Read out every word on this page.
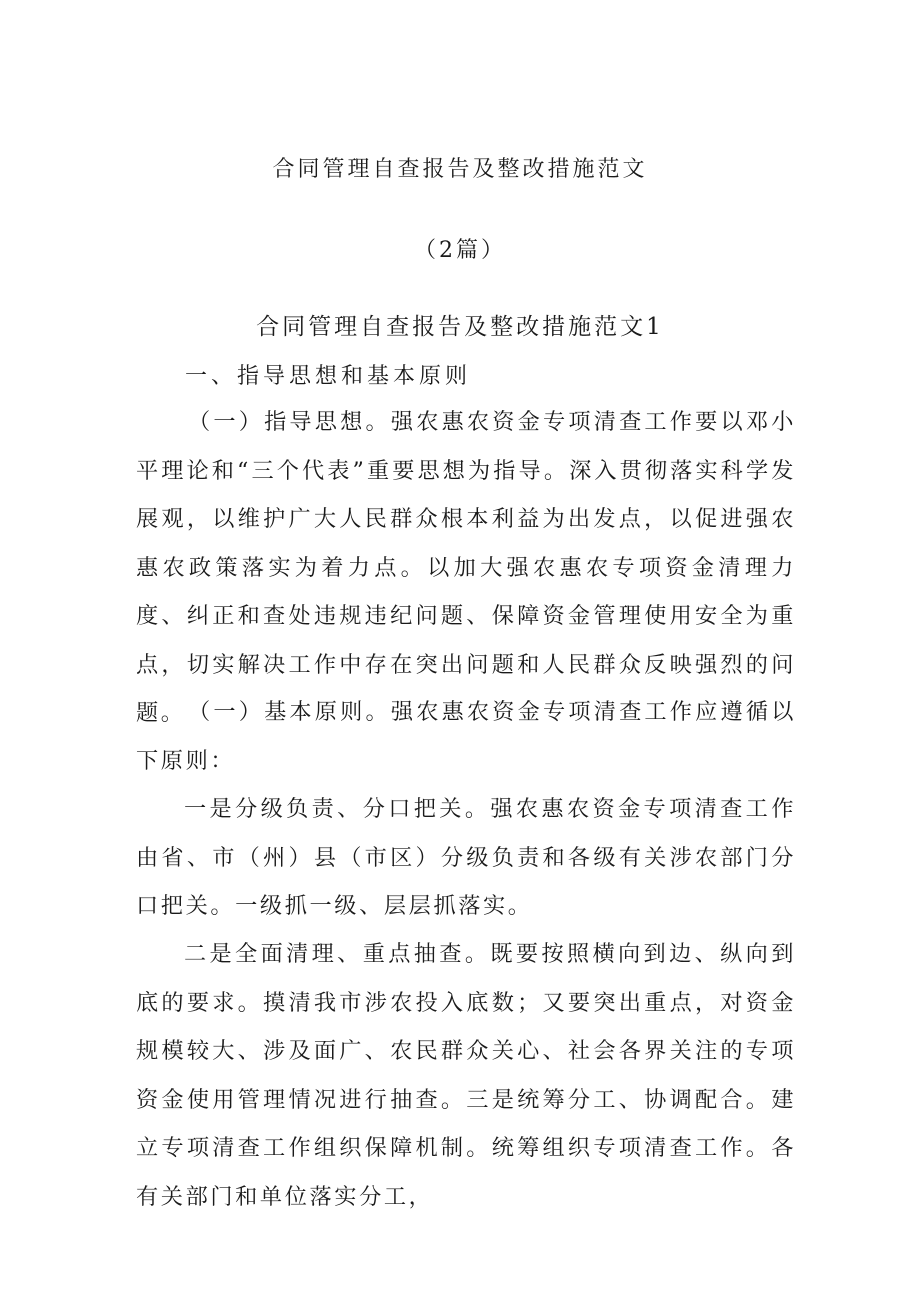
合同管理自查报告及整改措施范文
（2篇）
合同管理自查报告及整改措施范文1
一、指导思想和基本原则

（一）指导思想。强农惠农资金专项清查工作要以邓小平理论和“三个代表”重要思想为指导。深入贯彻落实科学发展观，以维护广大人民群众根本利益为出发点，以促进强农惠农政策落实为着力点。以加大强农惠农专项资金清理力度、纠正和查处违规违纪问题、保障资金管理使用安全为重点，切实解决工作中存在突出问题和人民群众反映强烈的问题。 （一）基本原则。强农惠农资金专项清查工作应遵循以下原则：

一是分级负责、分口把关。强农惠农资金专项清查工作由省、市（州）县（市区）分级负责和各级有关涉农部门分口把关。一级抓一级、层层抓落实。

二是全面清理、重点抽查。既要按照横向到边、纵向到底的要求。摸清我市涉农投入底数；又要突出重点，对资金规模较大、涉及面广、农民群众关心、社会各界关注的专项资金使用管理情况进行抽查。三是统筹分工、协调配合。建立专项清查工作组织保障机制。统筹组织专项清查工作。各有关部门和单位落实分工，
